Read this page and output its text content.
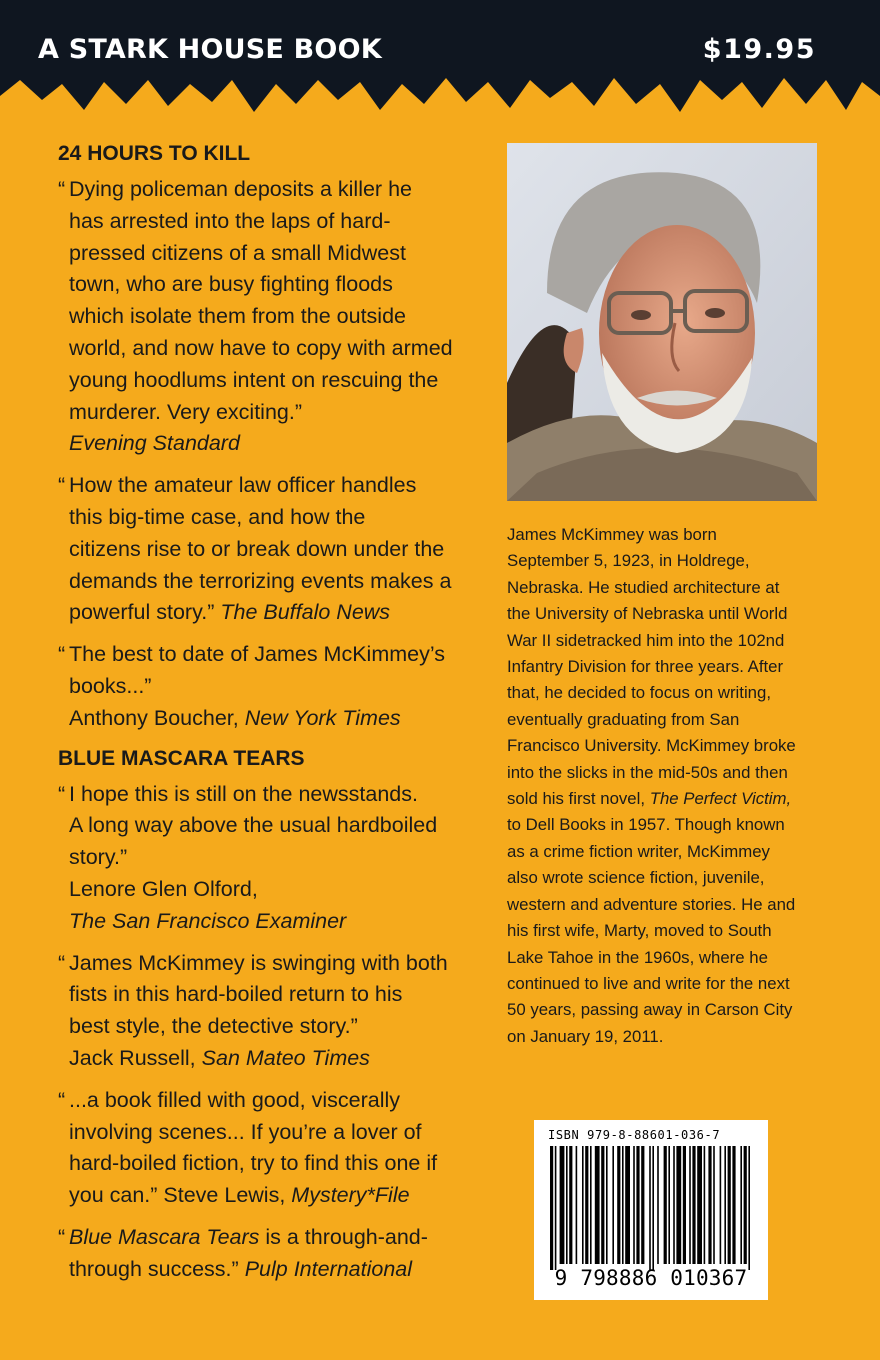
A STARK HOUSE BOOK	$19.95
24 HOURS TO KILL
“ Dying policeman deposits a killer he
has arrested into the laps of hard-
pressed citizens of a small Midwest
town, who are busy fighting floods
which isolate them from the outside
world, and now have to copy with armed
young hoodlums intent on rescuing the
murderer. Very exciting.”
Evening Standard
“ How the amateur law officer handles
this big-time case, and how the
citizens rise to or break down under the
demands the terrorizing events makes a
powerful story.” The Buffalo News
“ The best to date of James McKimmey’s
books...”
Anthony Boucher, New York Times
BLUE MASCARA TEARS
“ I hope this is still on the newsstands.
A long way above the usual hardboiled
story.”
Lenore Glen Olford,
The San Francisco Examiner
“ James McKimmey is swinging with both
fists in this hard-boiled return to his
best style, the detective story.”
Jack Russell, San Mateo Times
“ ...a book filled with good, viscerally
involving scenes... If you’re a lover of
hard-boiled fiction, try to find this one if
you can.” Steve Lewis, Mystery*File
“ Blue Mascara Tears is a through-and-
through success.” Pulp International
James McKimmey was born
September 5, 1923, in Holdrege,
Nebraska. He studied architecture at
the University of Nebraska until World
War II sidetracked him into the 102nd
Infantry Division for three years. After
that, he decided to focus on writing,
eventually graduating from San
Francisco University. McKimmey broke
into the slicks in the mid-50s and then
sold his first novel, The Perfect Victim,
to Dell Books in 1957. Though known
as a crime fiction writer, McKimmey
also wrote science fiction, juvenile,
western and adventure stories. He and
his first wife, Marty, moved to South
Lake Tahoe in the 1960s, where he
continued to live and write for the next
50 years, passing away in Carson City
on January 19, 2011.
ISBN 979-8-88601-036-7
9 798886 010367
